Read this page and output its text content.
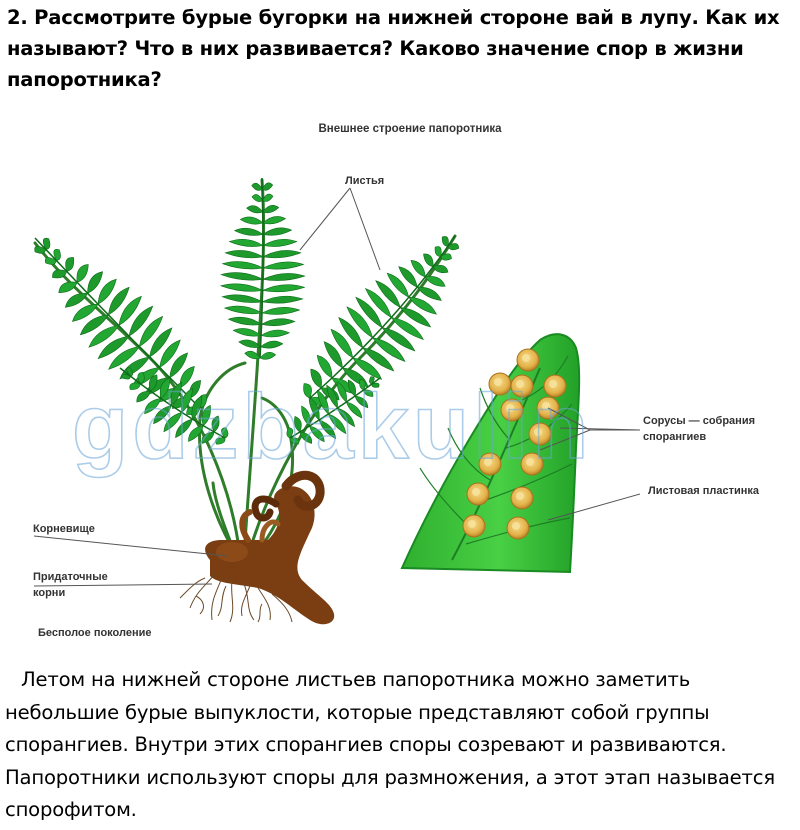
2. Рассмотрите бурые бугорки на нижней стороне вай в лупу. Как их называют? Что в них развивается? Каково значение спор в жизни папоротника?
Внешнее строение папоротника
Листья
Корневище
Придаточные
корни
Бесполое поколение
Сорусы — собрания
спорангиев
Листовая пластинка
gdzbakulin
Летом на нижней стороне листьев папоротника можно заметить небольшие бурые выпуклости, которые представляют собой группы спорангиев. Внутри этих спорангиев споры созревают и развиваются. Папоротники используют споры для размножения, а этот этап называется спорофитом.
